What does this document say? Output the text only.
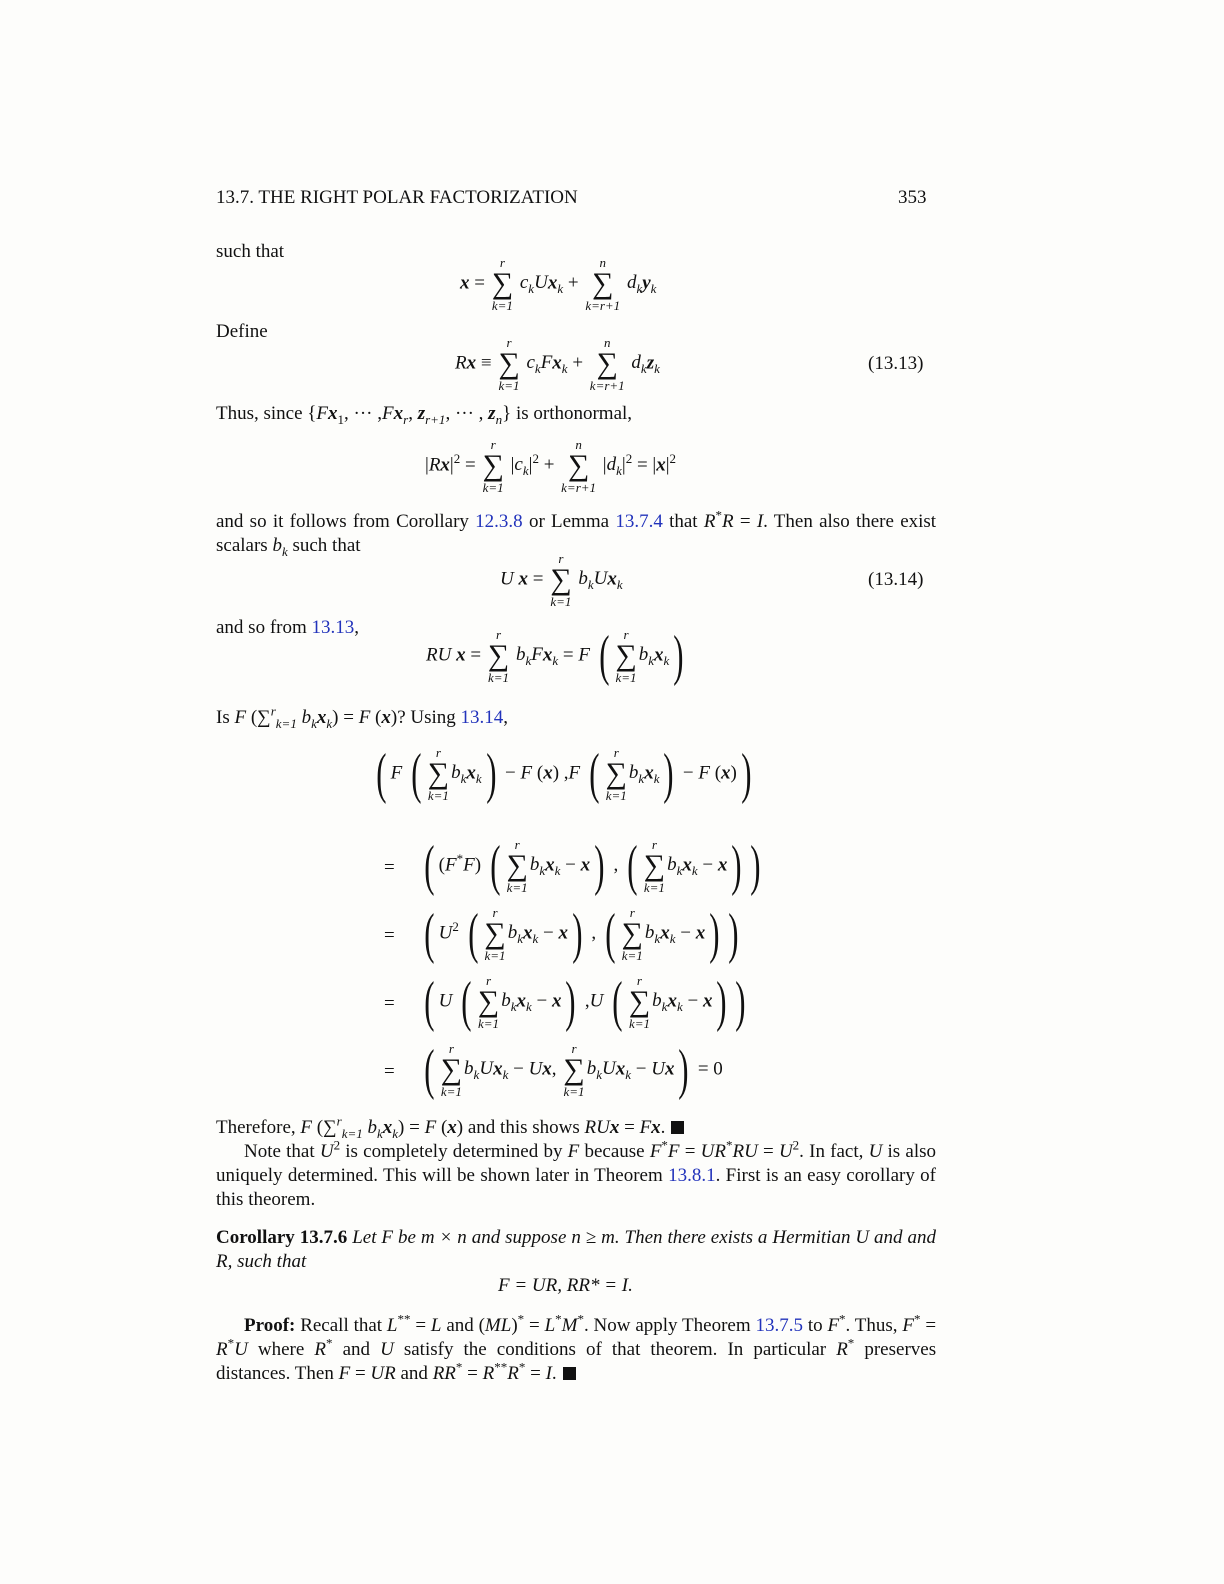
13.7. THE RIGHT POLAR FACTORIZATION	353
such that
x =
r
∑
k=1
$c_kUx_k$ +
n
∑
k=r+1
$d_ky_k$
Define
Rx ≡
r
∑
k=1
$c_kFx_k$ +
n
∑
k=r+1
$d_kz_k$	(13.13)
Thus, since {$Fx_1$, ··· $,Fx_r$, $z_{r+1}$, ··· , $z_n$} is orthonormal,
$|Rx|^2$ =
r
∑
k=1
$|c_k|^2$ +
n
∑
k=r+1
$|d_k|^2 = |x|^2$
and so it follows from Corollary 12.3.8 or Lemma 13.7.4 that R*R = I. Then also there exist scalars $b_k$ such that
U x =
r
∑
k=1
$b_kUx_k$	(13.14)
and so from 13.13,
RU x =
r
∑
k=1
$b_kFx_k = F$ (	r
∑
k=1
$b_kx_k$)
Is F (∑$^r_{k=1}$ $b_kx_k) = F$ (x)? Using 13.14,
( F (	r
∑
k=1
$b_kx_k) - F$ (x) ,F (	r
∑
k=1
$b_kx_k) - F$ (x))
= ( (F*F) (	r
∑
k=1
$b_kx_k - x$) , (	r
∑
k=1
$b_kx_k - x$) )
= ( $U^2$ (	r
∑
k=1
$b_kx_k - x$) , (	r
∑
k=1
$b_kx_k - x$) )
= ( U (	r
∑
k=1
$b_kx_k - x$) ,U (	r
∑
k=1
$b_kx_k - x$) )
= (	r
∑
k=1
$b_kUx_k - Ux$,
r
∑
k=1
$b_kUx_k - Ux) = 0$
Therefore, F (∑$^r_{k=1}$ $b_kx_k) = F$ (x) and this shows RUx = Fx.
Note that $U^2$ is completely determined by F because $F^*F = UR^*RU = U^2$. In fact, U is also uniquely determined. This will be shown later in Theorem 13.8.1. First is an easy corollary of this theorem.
Corollary 13.7.6 Let F be m × n and suppose n ≥ m. Then there exists a Hermitian U and and R, such that
F = UR, RR* = I.
Proof: Recall that L** = L and (ML)* = L*M*. Now apply Theorem 13.7.5 to F*. Thus, F* = R*U where R* and U satisfy the conditions of that theorem. In particular R* preserves distances. Then F = UR and RR* = R**R* = I.
